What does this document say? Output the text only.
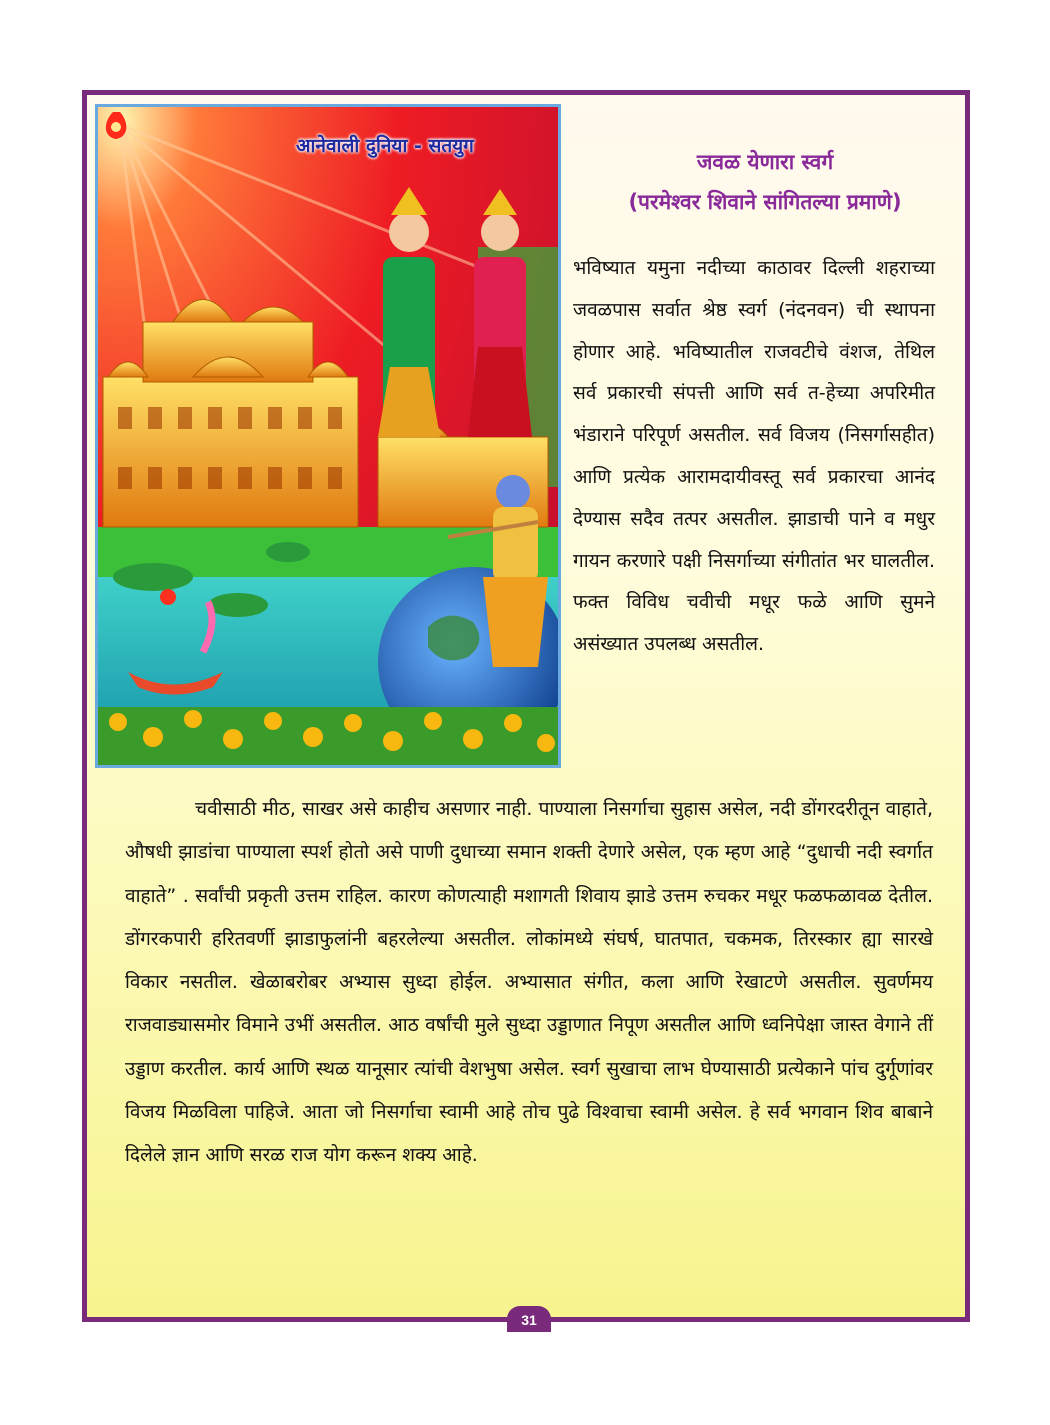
आनेवाली दुनिया - सतयुग
जवळ येणारा स्वर्ग
(परमेश्वर शिवाने सांगितल्या प्रमाणे)

भविष्यात यमुना नदीच्या काठावर दिल्ली शहराच्या जवळपास सर्वात श्रेष्ठ स्वर्ग (नंदनवन) ची स्थापना होणार आहे. भविष्यातील राजवटीचे वंशज, तेथिल सर्व प्रकारची संपत्ती आणि सर्व त-हेच्या अपरिमीत भंडाराने परिपूर्ण असतील. सर्व विजय (निसर्गासहीत) आणि प्रत्येक आरामदायीवस्तू सर्व प्रकारचा आनंद देण्यास सदैव तत्पर असतील. झाडाची पाने व मधुर गायन करणारे पक्षी निसर्गाच्या संगीतांत भर घालतील. फक्त विविध चवीची मधूर फळे आणि सुमने असंख्यात उपलब्ध असतील.

चवीसाठी मीठ, साखर असे काहीच असणार नाही. पाण्याला निसर्गाचा सुहास असेल, नदी डोंगरदरीतून वाहाते, औषधी झाडांचा पाण्याला स्पर्श होतो असे पाणी दुधाच्या समान शक्ती देणारे असेल, एक म्हण आहे “दुधाची नदी स्वर्गात वाहाते” . सर्वांची प्रकृती उत्तम राहिल. कारण कोणत्याही मशागती शिवाय झाडे उत्तम रुचकर मधूर फळफळावळ देतील. डोंगरकपारी हरितवर्णी झाडाफुलांनी बहरलेल्या असतील. लोकांमध्ये संघर्ष, घातपात, चकमक, तिरस्कार ह्या सारखे विकार नसतील. खेळाबरोबर अभ्यास सुध्दा होईल. अभ्यासात संगीत, कला आणि रेखाटणे असतील. सुवर्णमय राजवाड्यासमोर विमाने उभीं असतील. आठ वर्षांची मुले सुध्दा उड्डाणात निपूण असतील आणि ध्वनिपेक्षा जास्त वेगाने तीं उड्डाण करतील. कार्य आणि स्थळ यानूसार त्यांची वेशभुषा असेल. स्वर्ग सुखाचा लाभ घेण्यासाठी प्रत्येकाने पांच दुर्गूणांवर विजय मिळविला पाहिजे. आता जो निसर्गाचा स्वामी आहे तोच पुढे विश्वाचा स्वामी असेल. हे सर्व भगवान शिव बाबाने दिलेले ज्ञान आणि सरळ राज योग करून शक्य आहे.

31
